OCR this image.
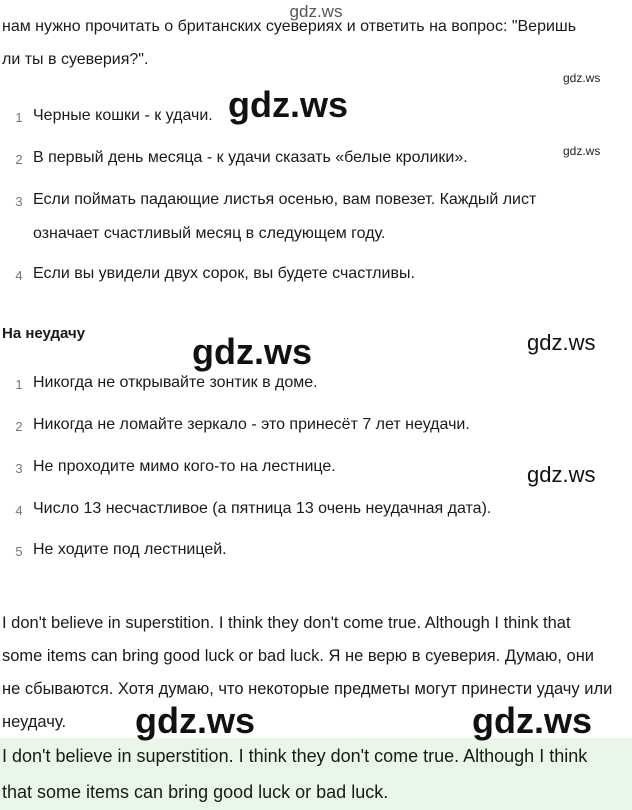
gdz.ws
нам нужно прочитать о британских суевериях и ответить на вопрос: "Веришь
ли ты в суеверия?".
1 Черные кошки - к удачи.
2 В первый день месяца - к удачи сказать «белые кролики».
3 Если поймать падающие листья осенью, вам повезет. Каждый лист
означает счастливый месяц в следующем году.
4 Если вы увидели двух сорок, вы будете счастливы.
На неудачу
1 Никогда не открывайте зонтик в доме.
2 Никогда не ломайте зеркало - это принесёт 7 лет неудачи.
3 Не проходите мимо кого-то на лестнице.
4 Число 13 несчастливое (а пятница 13 очень неудачная дата).
5 Не ходите под лестницей.
I don't believe in superstition. I think they don't come true. Although I think that
some items can bring good luck or bad luck. Я не верю в суеверия. Думаю, они
не сбываются. Хотя думаю, что некоторые предметы могут принести удачу или
неудачу.
I don't believe in superstition. I think they don't come true. Although I think
that some items can bring good luck or bad luck.
gdz.ws
gdz.ws
gdz.ws
gdz.ws	gdz.ws
gdz.ws
gdz.ws	gdz.ws
